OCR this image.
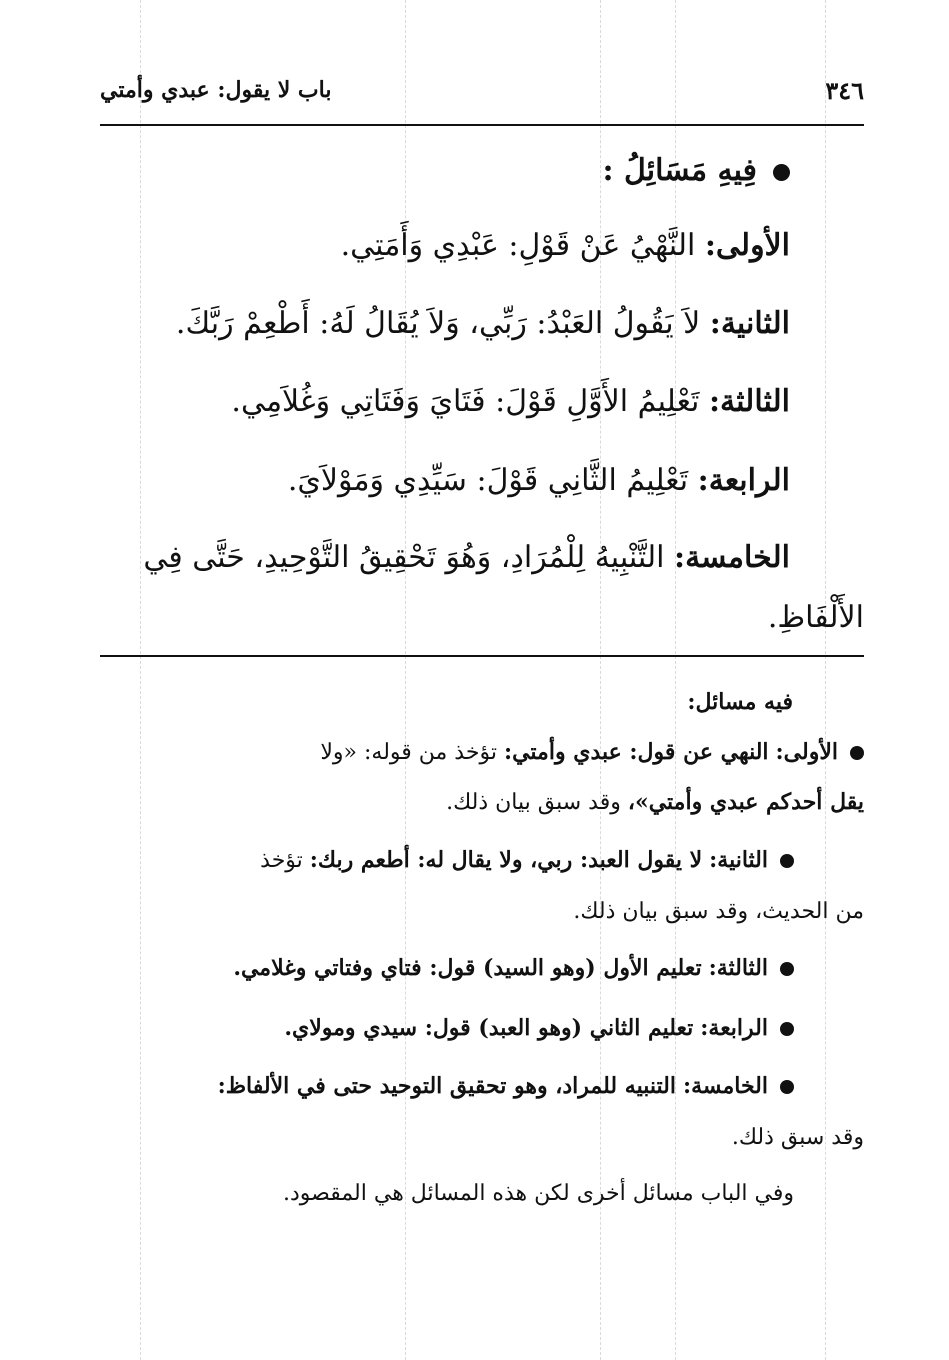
٣٤٦
باب لا يقول: عبدي وأمتي
فِيهِ مَسَائِلُ :
الأولى: النَّهْيُ عَنْ قَوْلِ: عَبْدِي وَأَمَتِي.
الثانية: لاَ يَقُولُ العَبْدُ: رَبِّي، وَلاَ يُقَالُ لَهُ: أَطْعِمْ رَبَّكَ.
الثالثة: تَعْلِيمُ الأَوَّلِ قَوْلَ: فَتَايَ وَفَتَاتِي وَغُلاَمِي.
الرابعة: تَعْلِيمُ الثَّانِي قَوْلَ: سَيِّدِي وَمَوْلاَيَ.
الخامسة: التَّنْبِيهُ لِلْمُرَادِ، وَهُوَ تَحْقِيقُ التَّوْحِيدِ، حَتَّى فِي
الأَلْفَاظِ.
فيه مسائل:
الأولى: النهي عن قول: عبدي وأمتي: تؤخذ من قوله: «ولا
يقل أحدكم عبدي وأمتي»، وقد سبق بيان ذلك.
الثانية: لا يقول العبد: ربي، ولا يقال له: أطعم ربك: تؤخذ
من الحديث، وقد سبق بيان ذلك.
الثالثة: تعليم الأول (وهو السيد) قول: فتاي وفتاتي وغلامي.
الرابعة: تعليم الثاني (وهو العبد) قول: سيدي ومولاي.
الخامسة: التنبيه للمراد، وهو تحقيق التوحيد حتى في الألفاظ:
وقد سبق ذلك.
وفي الباب مسائل أخرى لكن هذه المسائل هي المقصود.
